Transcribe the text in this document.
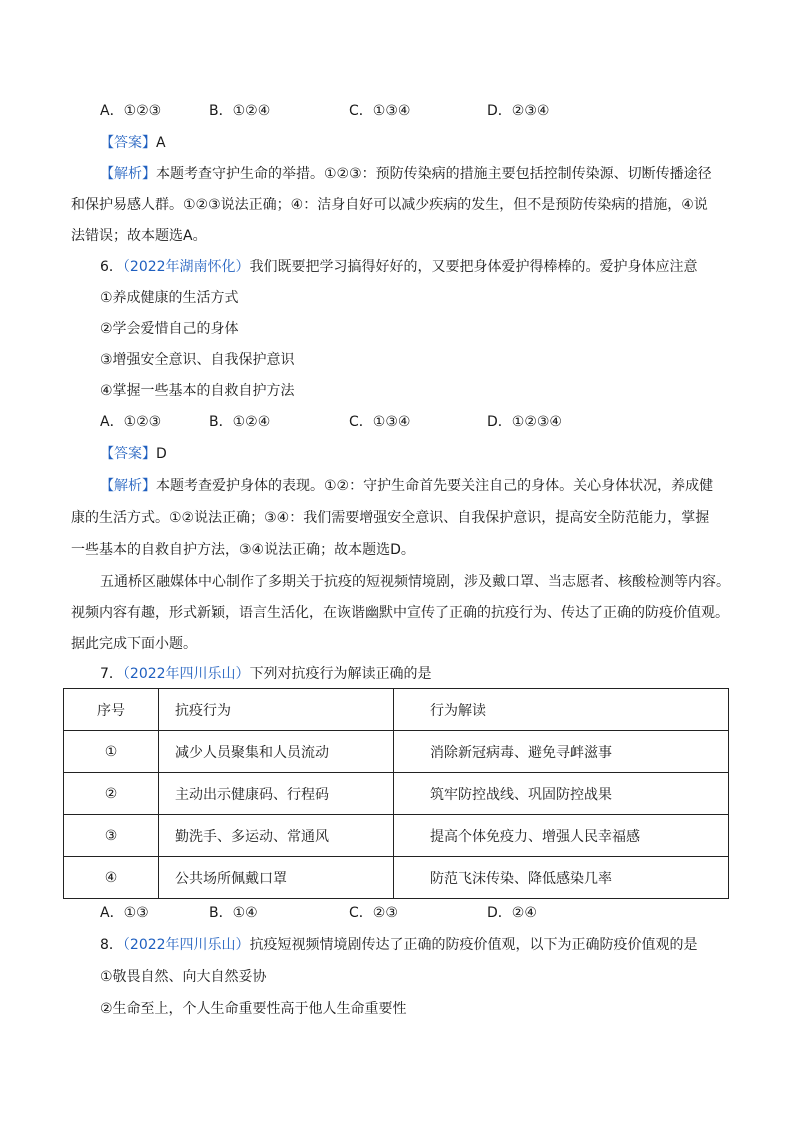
A．①②③	B．①②④	C．①③④	D．②③④
【答案】A
【解析】本题考查守护生命的举措。①②③：预防传染病的措施主要包括控制传染源、切断传播途径
和保护易感人群。①②③说法正确；④：洁身自好可以减少疾病的发生，但不是预防传染病的措施，④说
法错误；故本题选A。
6．（2022年湖南怀化）我们既要把学习搞得好好的，又要把身体爱护得棒棒的。爱护身体应注意
①养成健康的生活方式
②学会爱惜自己的身体
③增强安全意识、自我保护意识
④掌握一些基本的自救自护方法
A．①②③	B．①②④	C．①③④	D．①②③④
【答案】D
【解析】本题考查爱护身体的表现。①②：守护生命首先要关注自己的身体。关心身体状况，养成健
康的生活方式。①②说法正确；③④：我们需要增强安全意识、自我保护意识，提高安全防范能力，掌握
一些基本的自救自护方法，③④说法正确；故本题选D。
五通桥区融媒体中心制作了多期关于抗疫的短视频情境剧，涉及戴口罩、当志愿者、核酸检测等内容。
视频内容有趣，形式新颖，语言生活化，在诙谐幽默中宣传了正确的抗疫行为、传达了正确的防疫价值观。
据此完成下面小题。
7．（2022年四川乐山）下列对抗疫行为解读正确的是
序号	抗疫行为	行为解读
①	减少人员聚集和人员流动	消除新冠病毒、避免寻衅滋事
②	主动出示健康码、行程码	筑牢防控战线、巩固防控战果
③	勤洗手、多运动、常通风	提高个体免疫力、增强人民幸福感
④	公共场所佩戴口罩	防范飞沫传染、降低感染几率
A．①③	B．①④	C．②③	D．②④
8．（2022年四川乐山）抗疫短视频情境剧传达了正确的防疫价值观，以下为正确防疫价值观的是
①敬畏自然、向大自然妥协
②生命至上，个人生命重要性高于他人生命重要性
